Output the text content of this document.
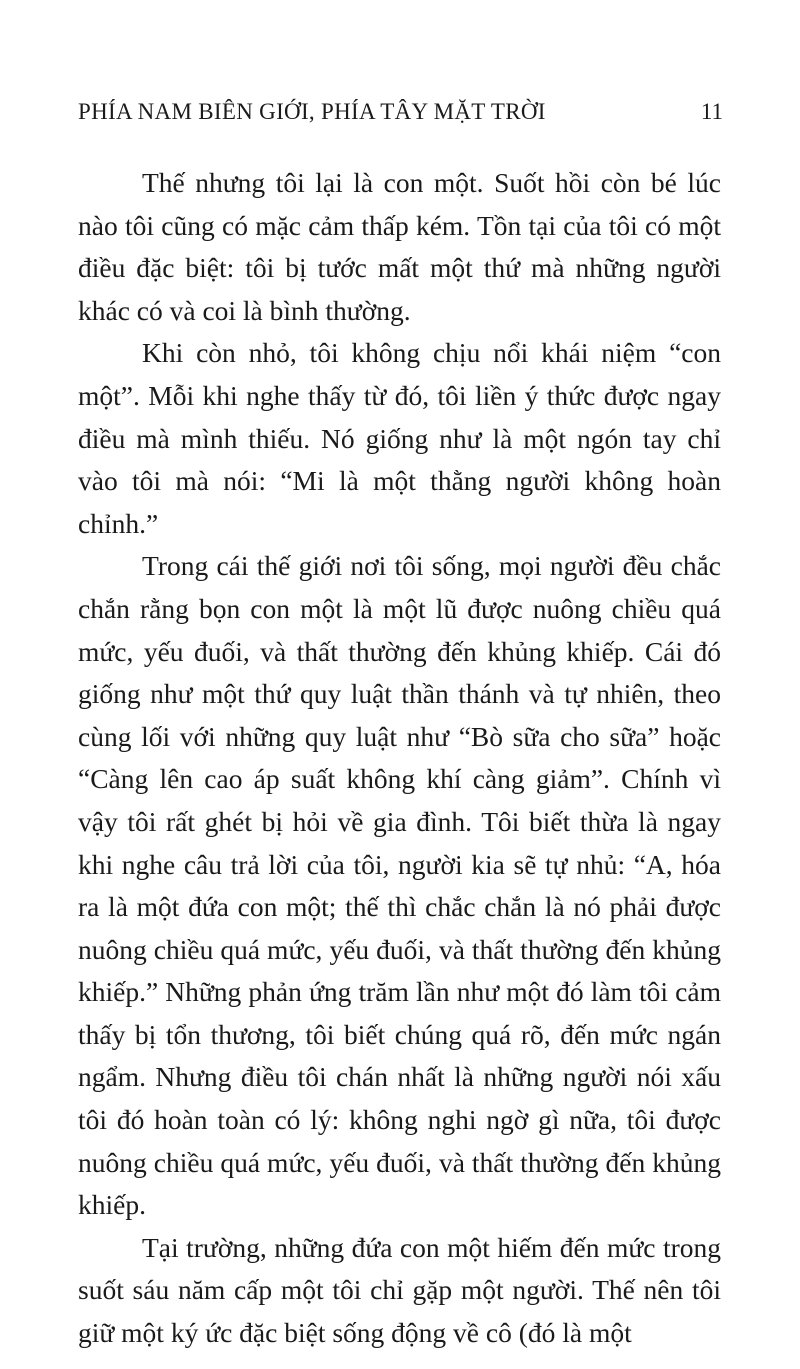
PHÍA NAM BIÊN GIỚI, PHÍA TÂY MẶT TRỜI	11

Thế nhưng tôi lại là con một. Suốt hồi còn bé lúc nào tôi cũng có mặc cảm thấp kém. Tồn tại của tôi có một điều đặc biệt: tôi bị tước mất một thứ mà những người khác có và coi là bình thường.

Khi còn nhỏ, tôi không chịu nổi khái niệm “con một”. Mỗi khi nghe thấy từ đó, tôi liền ý thức được ngay điều mà mình thiếu. Nó giống như là một ngón tay chỉ vào tôi mà nói: “Mi là một thằng người không hoàn chỉnh.”

Trong cái thế giới nơi tôi sống, mọi người đều chắc chắn rằng bọn con một là một lũ được nuông chiều quá mức, yếu đuối, và thất thường đến khủng khiếp. Cái đó giống như một thứ quy luật thần thánh và tự nhiên, theo cùng lối với những quy luật như “Bò sữa cho sữa” hoặc “Càng lên cao áp suất không khí càng giảm”. Chính vì vậy tôi rất ghét bị hỏi về gia đình. Tôi biết thừa là ngay khi nghe câu trả lời của tôi, người kia sẽ tự nhủ: “A, hóa ra là một đứa con một; thế thì chắc chắn là nó phải được nuông chiều quá mức, yếu đuối, và thất thường đến khủng khiếp.” Những phản ứng trăm lần như một đó làm tôi cảm thấy bị tổn thương, tôi biết chúng quá rõ, đến mức ngán ngẩm. Nhưng điều tôi chán nhất là những người nói xấu tôi đó hoàn toàn có lý: không nghi ngờ gì nữa, tôi được nuông chiều quá mức, yếu đuối, và thất thường đến khủng khiếp.

Tại trường, những đứa con một hiếm đến mức trong suốt sáu năm cấp một tôi chỉ gặp một người. Thế nên tôi giữ một ký ức đặc biệt sống động về cô (đó là một
